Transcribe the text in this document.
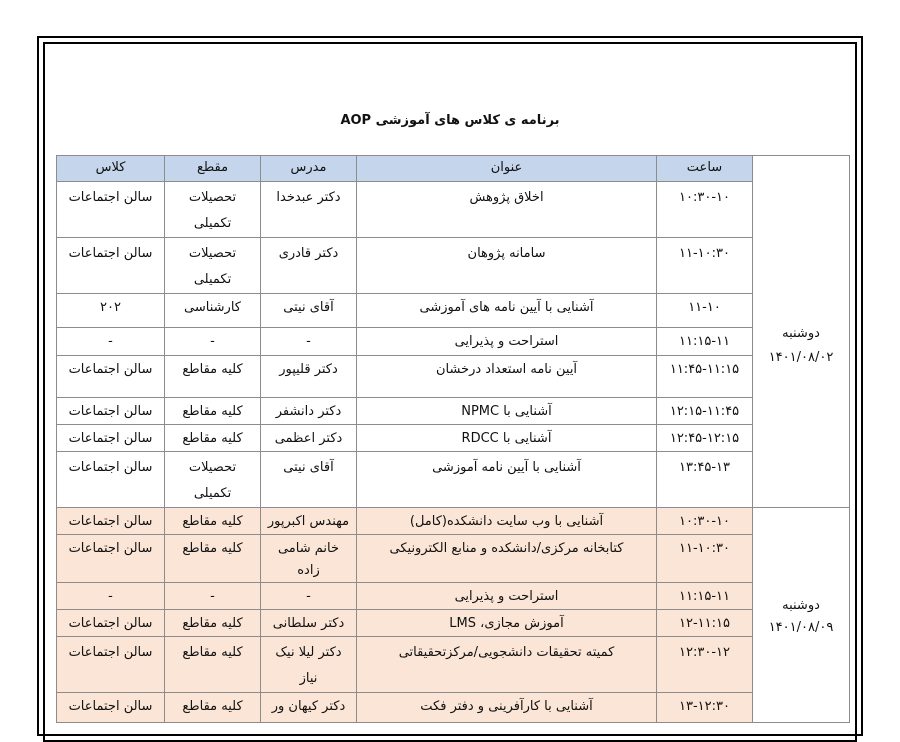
برنامه ی کلاس های آموزشی AOP

	ساعت	عنوان	مدرس	مقطع	کلاس

دوشنبه
۱۴۰۱/۰۸/۰۲	۱۰:۳۰-۱۰	اخلاق پژوهش	دکتر عبدخدا	تحصیلات تکمیلی	سالن اجتماعات
	۱۱-۱۰:۳۰	سامانه پژوهان	دکتر قادری	تحصیلات تکمیلی	سالن اجتماعات
	۱۱-۱۰	آشنایی با آیین نامه های آموزشی	آقای نیتی	کارشناسی	۲۰۲
	۱۱:۱۵-۱۱	استراحت و پذیرایی	-	-	-
	۱۱:۴۵-۱۱:۱۵	آیین نامه استعداد درخشان	دکتر قلیپور	کلیه مقاطع	سالن اجتماعات
	۱۲:۱۵-۱۱:۴۵	آشنایی با NPMC	دکتر دانشفر	کلیه مقاطع	سالن اجتماعات
	۱۲:۴۵-۱۲:۱۵	آشنایی با RDCC	دکتر اعظمی	کلیه مقاطع	سالن اجتماعات
	۱۳:۴۵-۱۳	آشنایی با آیین نامه آموزشی	آقای نیتی	تحصیلات تکمیلی	سالن اجتماعات

دوشنبه
۱۴۰۱/۰۸/۰۹	۱۰:۳۰-۱۰	آشنایی با وب سایت دانشکده(کامل)	مهندس اکبرپور	کلیه مقاطع	سالن اجتماعات
	۱۱-۱۰:۳۰	کتابخانه مرکزی/دانشکده و منابع الکترونیکی	خانم شامی زاده	کلیه مقاطع	سالن اجتماعات
	۱۱:۱۵-۱۱	استراحت و پذیرایی	-	-	-
	۱۲-۱۱:۱۵	آموزش مجازی، LMS	دکتر سلطانی	کلیه مقاطع	سالن اجتماعات
	۱۲:۳۰-۱۲	کمیته تحقیقات دانشجویی/مرکزتحقیقاتی	دکتر لیلا نیک نیاز	کلیه مقاطع	سالن اجتماعات
	۱۳-۱۲:۳۰	آشنایی با کارآفرینی و دفتر فکت	دکتر کیهان ور	کلیه مقاطع	سالن اجتماعات
